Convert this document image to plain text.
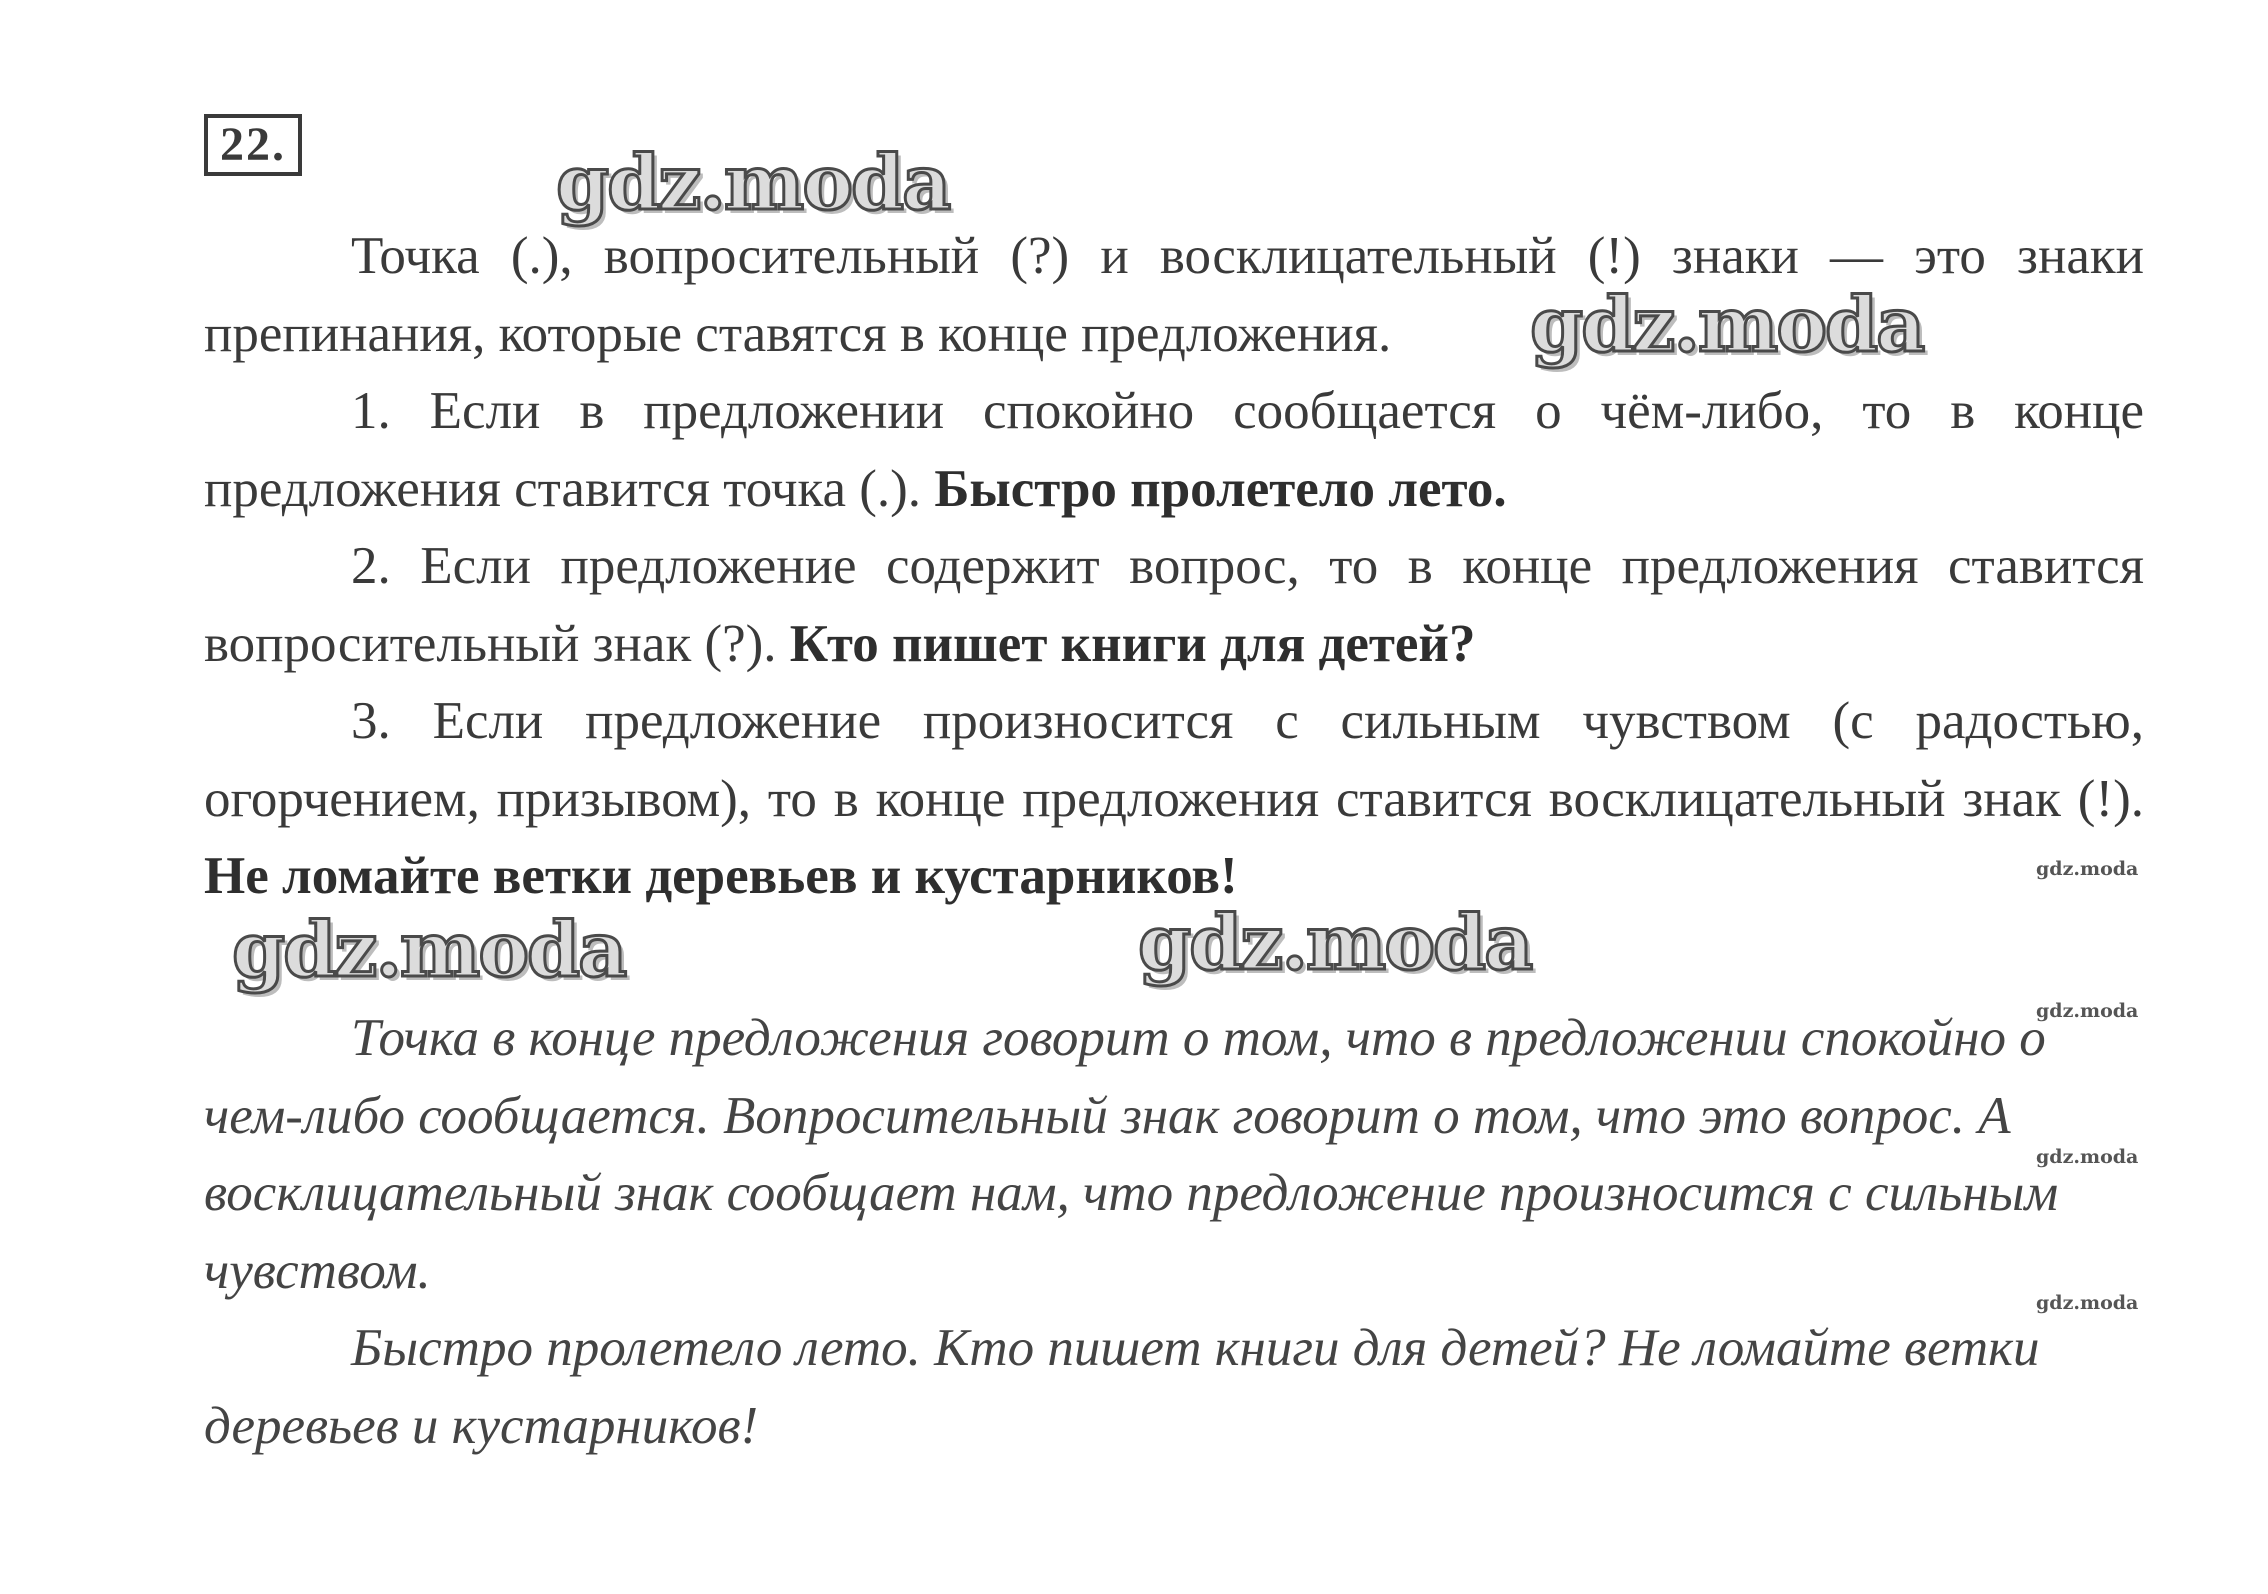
22.

Точка (.), вопросительный (?) и восклицательный (!) знаки — это знаки препинания, которые ставятся в конце предложения.

1. Если в предложении спокойно сообщается о чём-либо, то в конце предложения ставится точка (.). Быстро пролетело лето.

2. Если предложение содержит вопрос, то в конце предложения ставится вопросительный знак (?). Кто пишет книги для детей?

3. Если предложение произносится с сильным чувством (с радостью, огорчением, призывом), то в конце предложения ставится восклицательный знак (!). Не ломайте ветки деревьев и кустарников!

Точка в конце предложения говорит о том, что в предложении спокойно о чем-либо сообщается. Вопросительный знак говорит о том, что это вопрос. А восклицательный знак сообщает нам, что предложение произносится с сильным чувством.

Быстро пролетело лето. Кто пишет книги для детей? Не ломайте ветки деревьев и кустарников!

gdz.moda
gdz.moda
gdz.moda	gdz.moda
gdz.moda
gdz.moda
gdz.moda
gdz.moda
